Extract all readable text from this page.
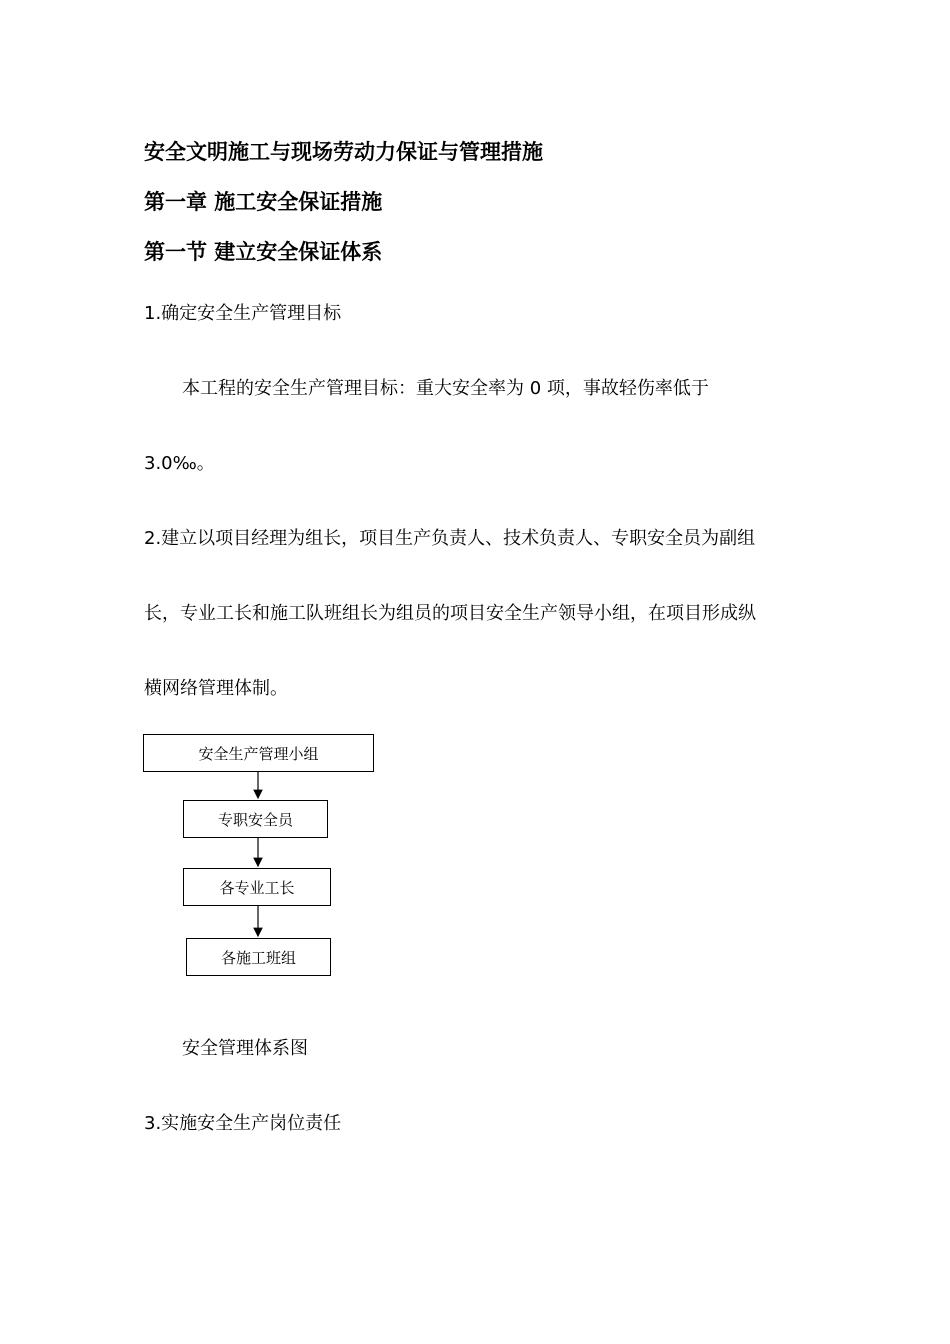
安全文明施工与现场劳动力保证与管理措施

第一章 施工安全保证措施

第一节 建立安全保证体系

1.确定安全生产管理目标

本工程的安全生产管理目标：重大安全率为 0 项，事故轻伤率低于

3.0‰。

2.建立以项目经理为组长，项目生产负责人、技术负责人、专职安全员为副组

长，专业工长和施工队班组长为组员的项目安全生产领导小组，在项目形成纵

横网络管理体制。

安全生产管理小组
专职安全员
各专业工长
各施工班组

安全管理体系图

3.实施安全生产岗位责任
